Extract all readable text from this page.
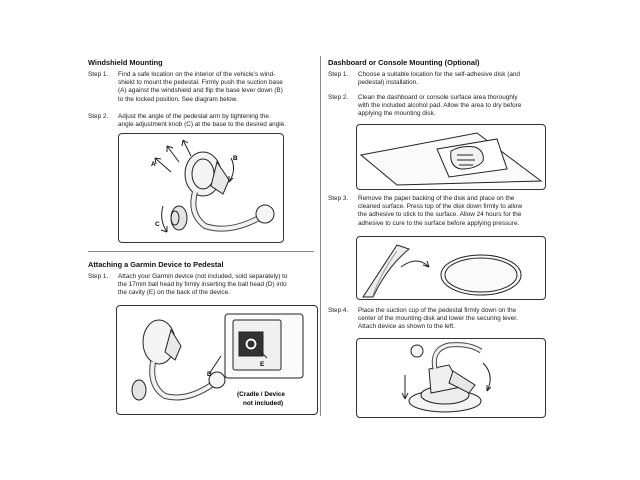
Windshield Mounting
Step 1.	Find a safe location on the interior of the vehicle’s wind-
shield to mount the pedestal. Firmly push the suction base
(A) against the windshield and flip the base lever down (B)
to the locked position. See diagram below.
Step 2.	Adjust the angle of the pedestal arm by tightening the
angle adjustment knob (C) at the base to the desired angle.
A
B
C
Attaching a Garmin Device to Pedestal
Step 1.	Attach your Garmin device (not included, sold separately) to
the 17mm ball head by firmly inserting the ball head (D) into
the cavity (E) on the back of the device.
D
E
(Cradle / Device
not included)
Dashboard or Console Mounting (Optional)
Step 1.	Choose a suitable location for the self-adhesive disk (and
pedestal) installation.
Step 2.	Clean the dashboard or console surface area thoroughly
with the included alcohol pad. Allow the area to dry before
applying the mounting disk.
Step 3.	Remove the paper backing of the disk and place on the
cleaned surface. Press top of the disk down firmly to allow
the adhesive to stick to the surface. Allow 24 hours for the
adhesive to cure to the surface before applying pressure.
Step 4.	Place the suction cup of the pedestal firmly down on the
center of the mounting disk and lower the securing lever.
Attach device as shown to the left.
